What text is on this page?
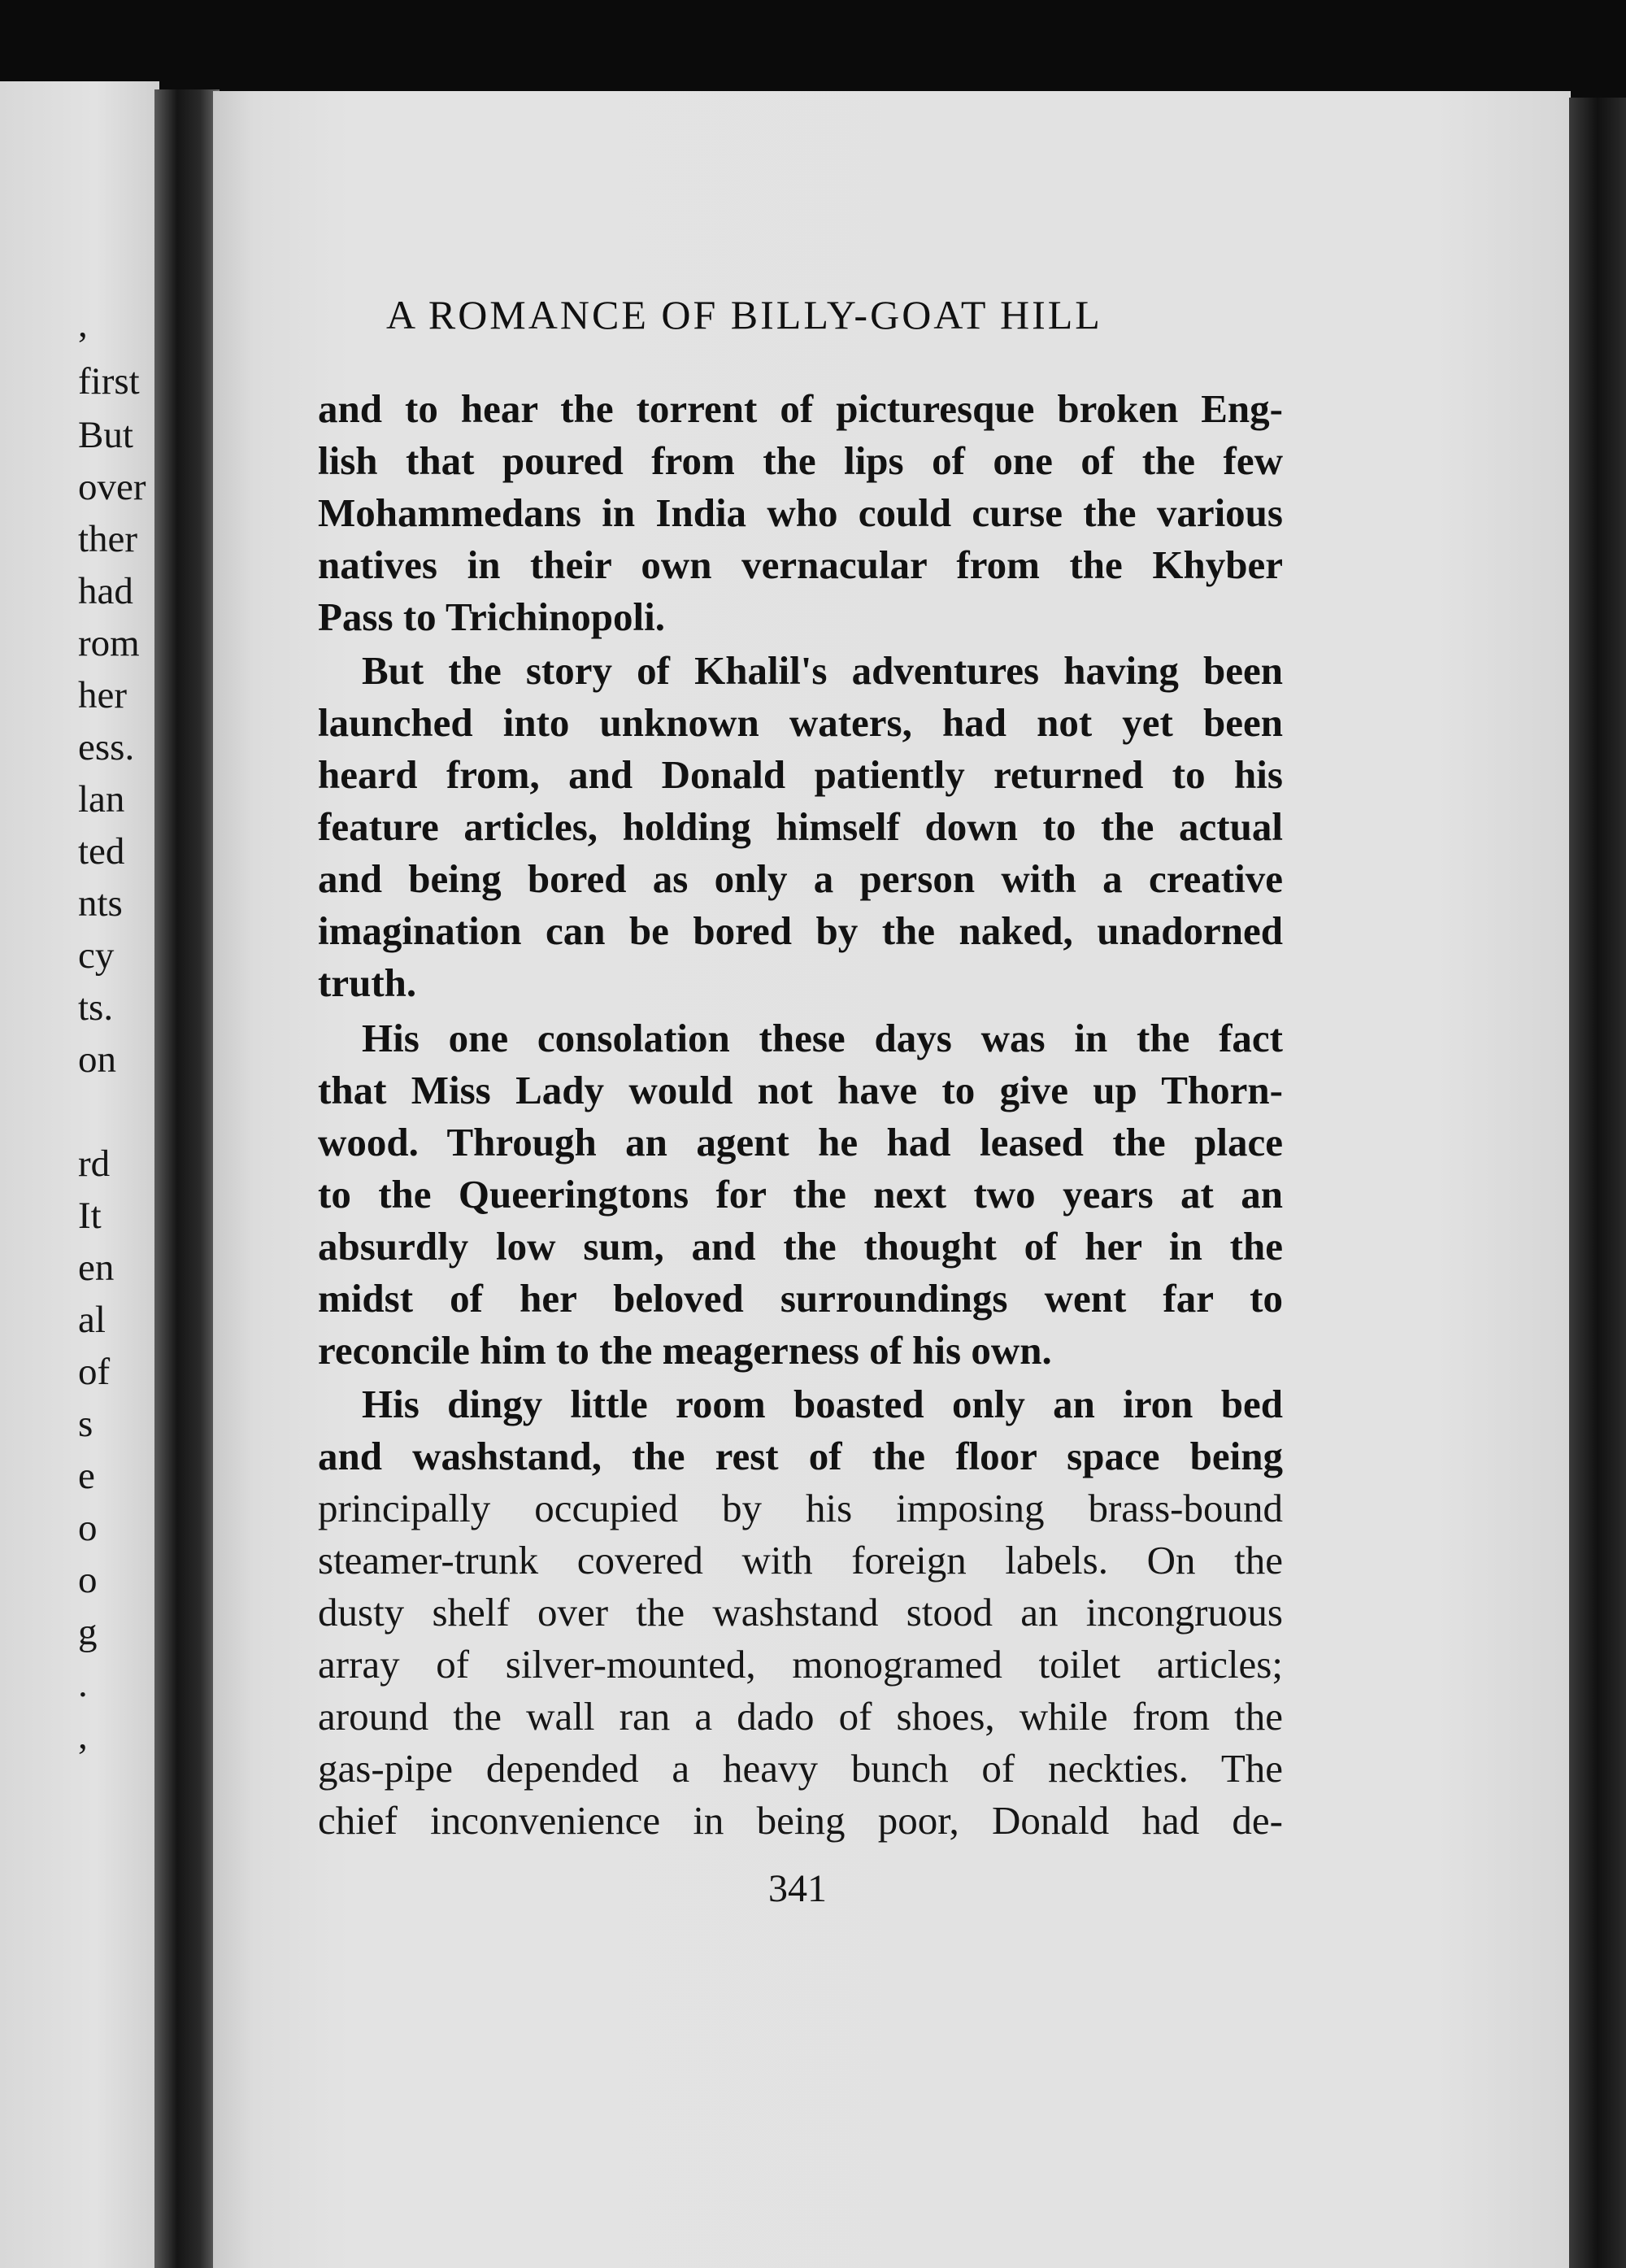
,
first
But
over
ther
had
rom
her
ess.
lan
ted
nts
cy
ts.
on
rd
It
en
al
of
s
e
o
o
g
.
,
A ROMANCE OF BILLY-GOAT HILL
and to hear the torrent of picturesque broken Eng-
lish that poured from the lips of one of the few
Mohammedans in India who could curse the various
natives in their own vernacular from the Khyber
Pass to Trichinopoli.
But the story of Khalil's adventures having been
launched into unknown waters, had not yet been
heard from, and Donald patiently returned to his
feature articles, holding himself down to the actual
and being bored as only a person with a creative
imagination can be bored by the naked, unadorned
truth.
His one consolation these days was in the fact
that Miss Lady would not have to give up Thorn-
wood. Through an agent he had leased the place
to the Queeringtons for the next two years at an
absurdly low sum, and the thought of her in the
midst of her beloved surroundings went far to
reconcile him to the meagerness of his own.
His dingy little room boasted only an iron bed
and washstand, the rest of the floor space being
principally occupied by his imposing brass-bound
steamer-trunk covered with foreign labels. On the
dusty shelf over the washstand stood an incongruous
array of silver-mounted, monogramed toilet articles;
around the wall ran a dado of shoes, while from the
gas-pipe depended a heavy bunch of neckties. The
chief inconvenience in being poor, Donald had de-
341
